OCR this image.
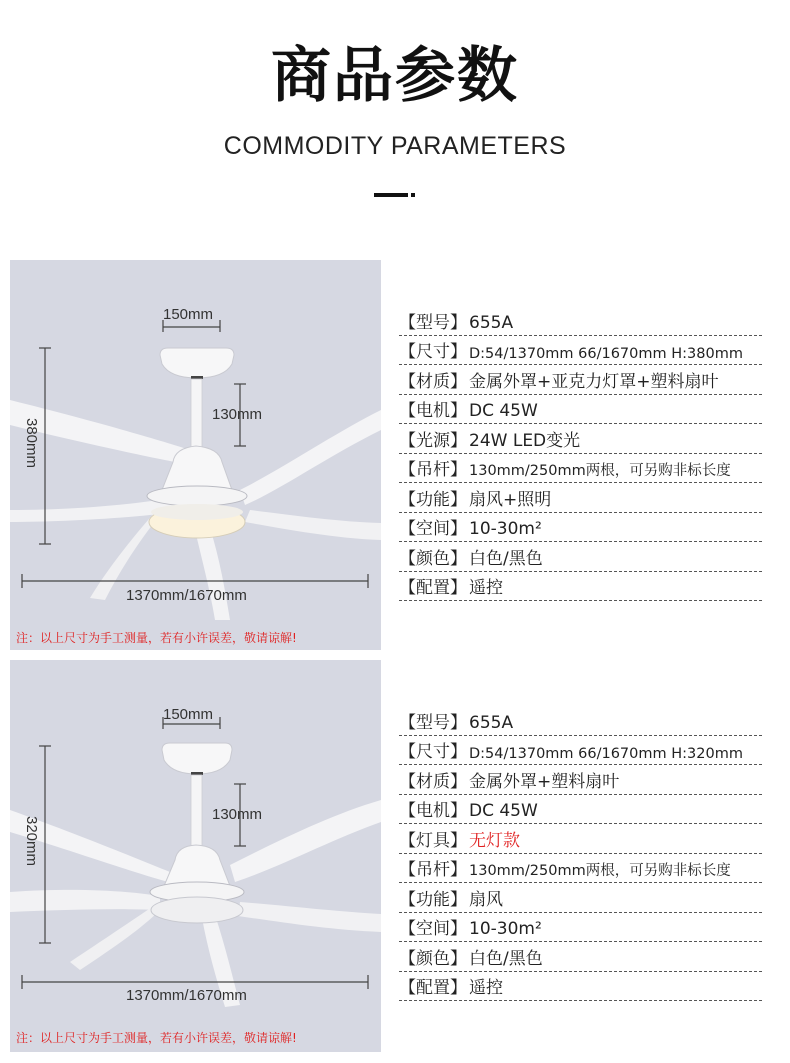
商品参数
COMMODITY PARAMETERS
150mm
130mm
380mm
1370mm/1670mm
注：以上尺寸为手工测量，若有小许误差，敬请谅解!
【型号】 655A
【尺寸】 D:54/1370mm 66/1670mm H:380mm
【材质】 金属外罩+亚克力灯罩+塑料扇叶
【电机】 DC 45W
【光源】 24W LED变光
【吊杆】 130mm/250mm两根，可另购非标长度
【功能】 扇风+照明
【空间】 10-30m²
【颜色】 白色/黑色
【配置】 遥控
150mm
130mm
320mm
1370mm/1670mm
注：以上尺寸为手工测量，若有小许误差，敬请谅解!
【型号】 655A
【尺寸】 D:54/1370mm 66/1670mm H:320mm
【材质】 金属外罩+塑料扇叶
【电机】 DC 45W
【灯具】 无灯款
【吊杆】 130mm/250mm两根，可另购非标长度
【功能】 扇风
【空间】 10-30m²
【颜色】 白色/黑色
【配置】 遥控
